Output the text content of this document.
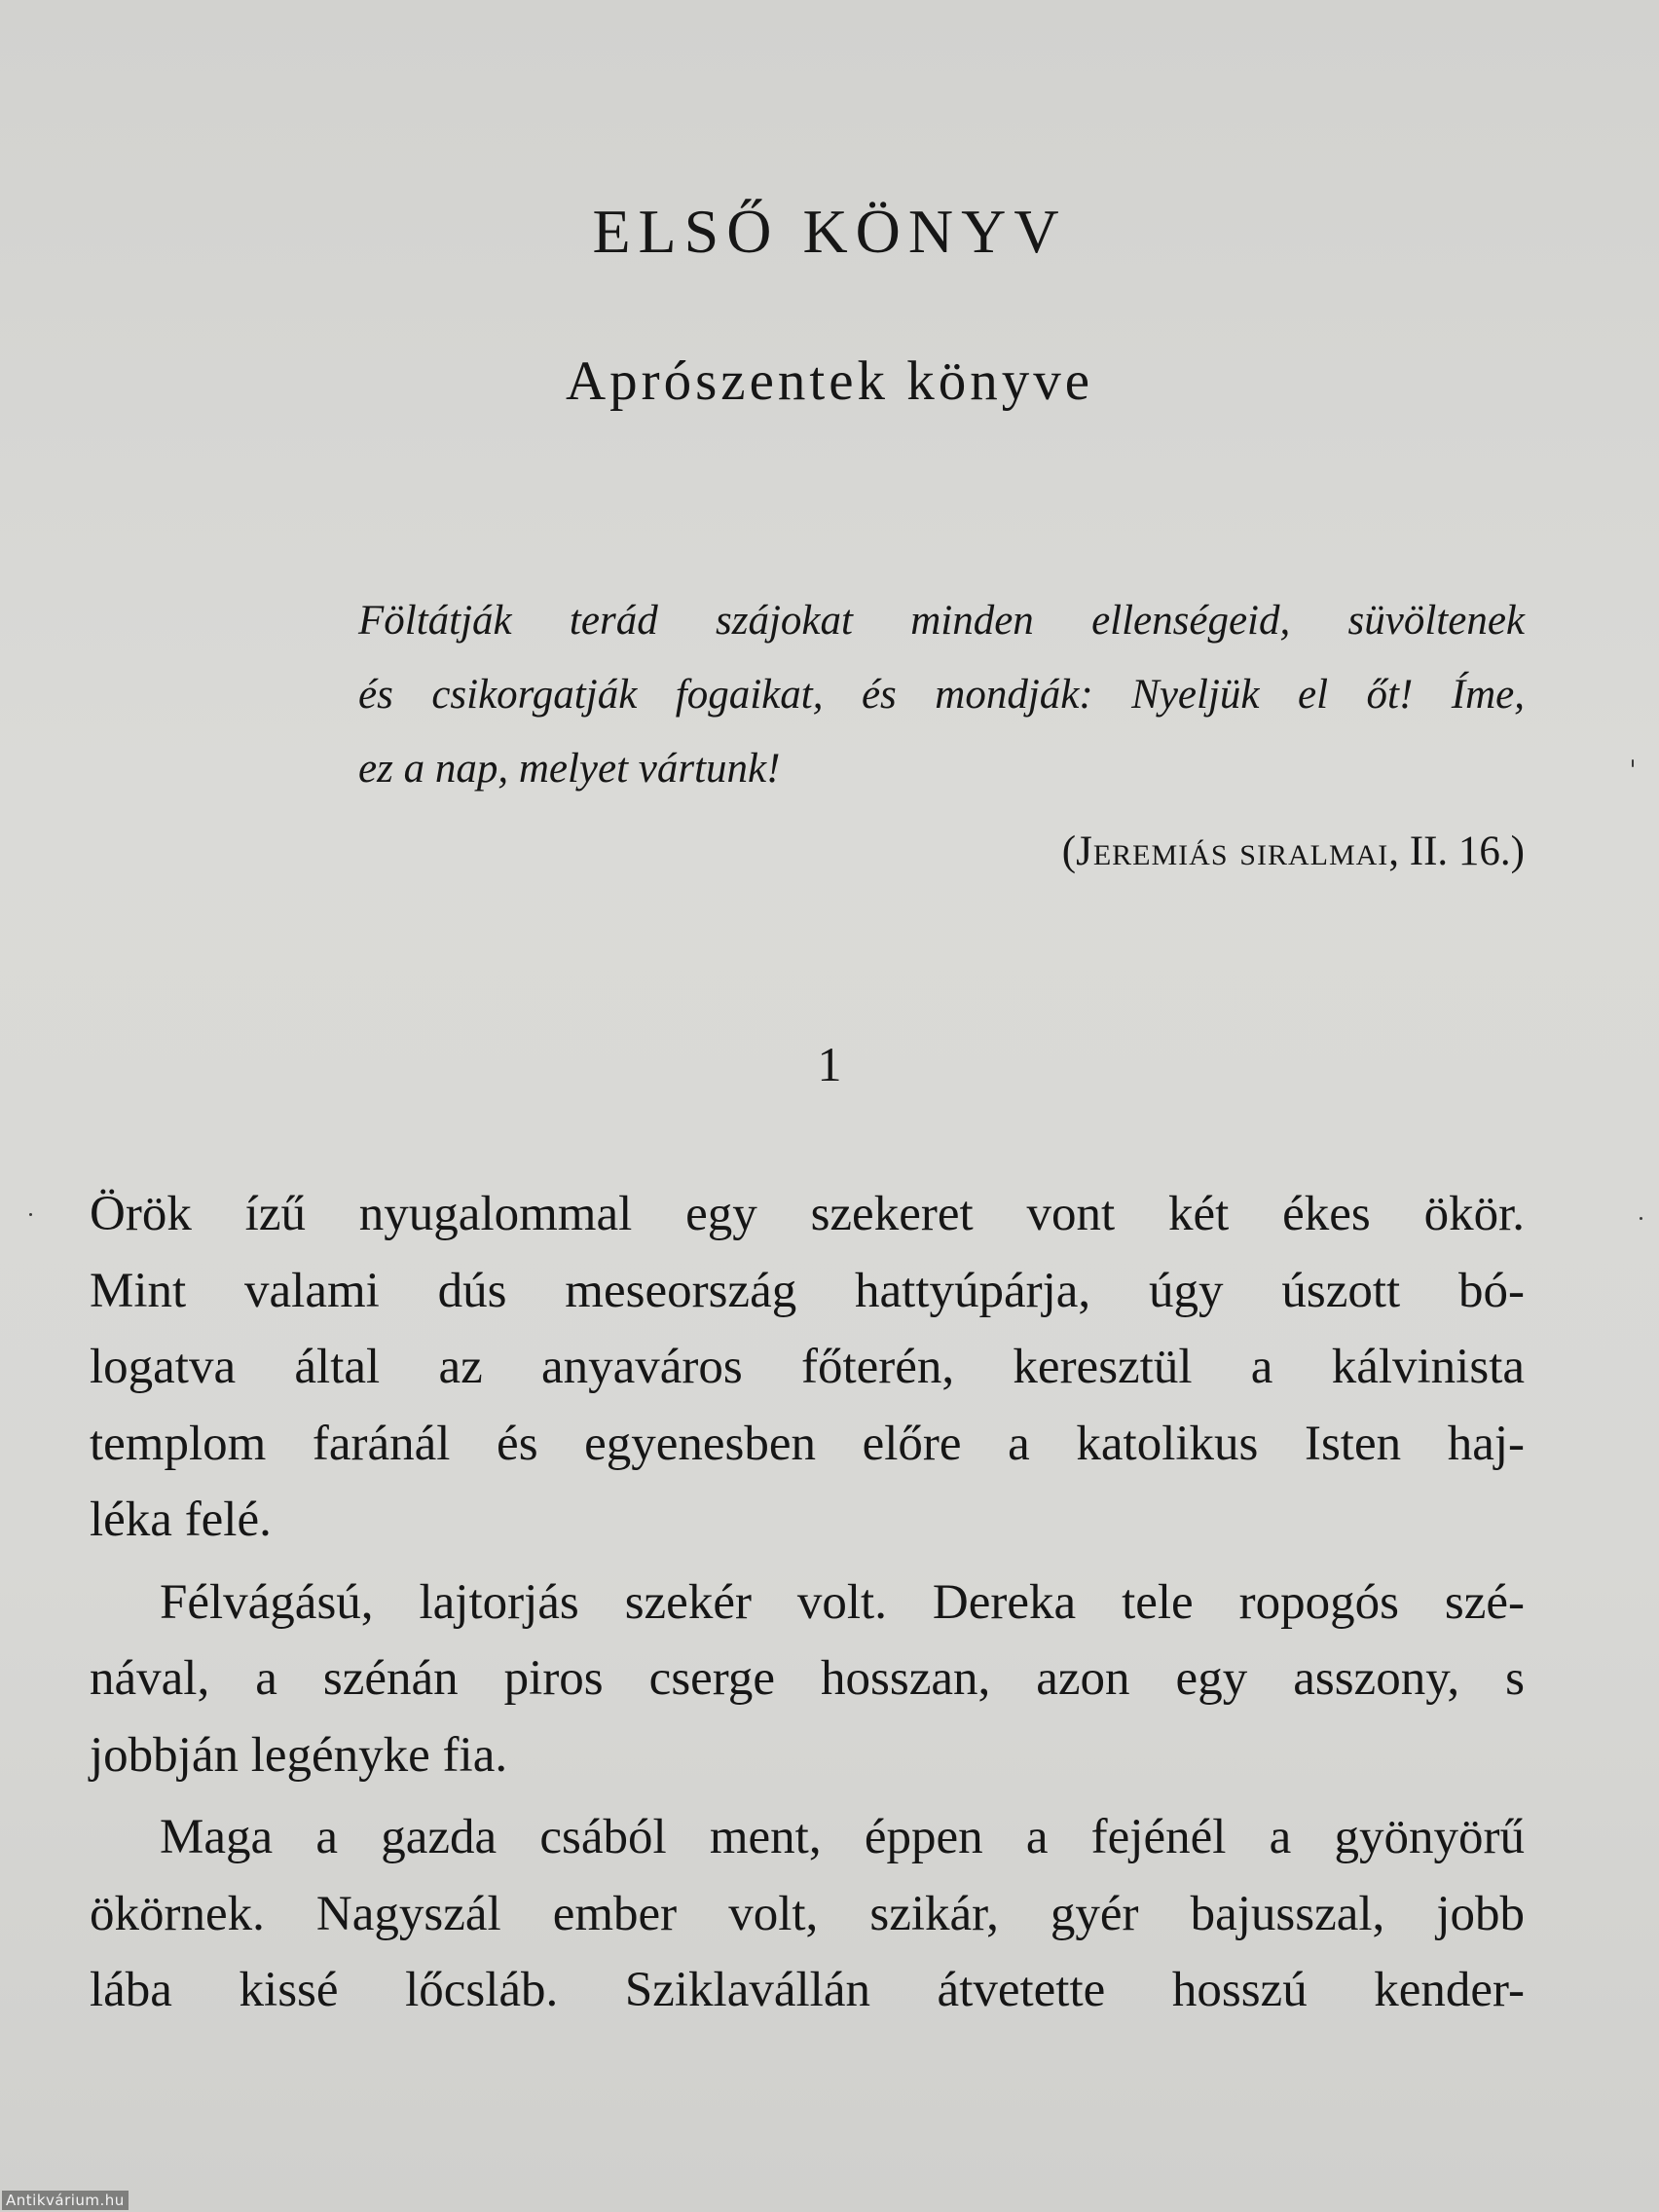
ELSŐ KÖNYV
Aprószentek könyve
Föltátják terád szájokat minden ellenségeid, süvöltenek
és csikorgatják fogaikat, és mondják: Nyeljük el őt! Íme,
ez a nap, melyet vártunk!

(Jeremiás siralmai, II. 16.)

1
Örök ízű nyugalommal egy szekeret vont két ékes ökör.
Mint valami dús meseország hattyúpárja, úgy úszott bó-
logatva által az anyaváros főterén, keresztül a kálvinista
templom faránál és egyenesben előre a katolikus Isten haj-
léka felé.
Félvágású, lajtorjás szekér volt. Dereka tele ropogós szé-
nával, a szénán piros cserge hosszan, azon egy asszony, s
jobbján legényke fia.
Maga a gazda csából ment, éppen a fejénél a gyönyörű
ökörnek. Nagyszál ember volt, szikár, gyér bajusszal, jobb
lába kissé lőcsláb. Sziklavállán átvetette hosszú kender-
Antikvárium.hu
